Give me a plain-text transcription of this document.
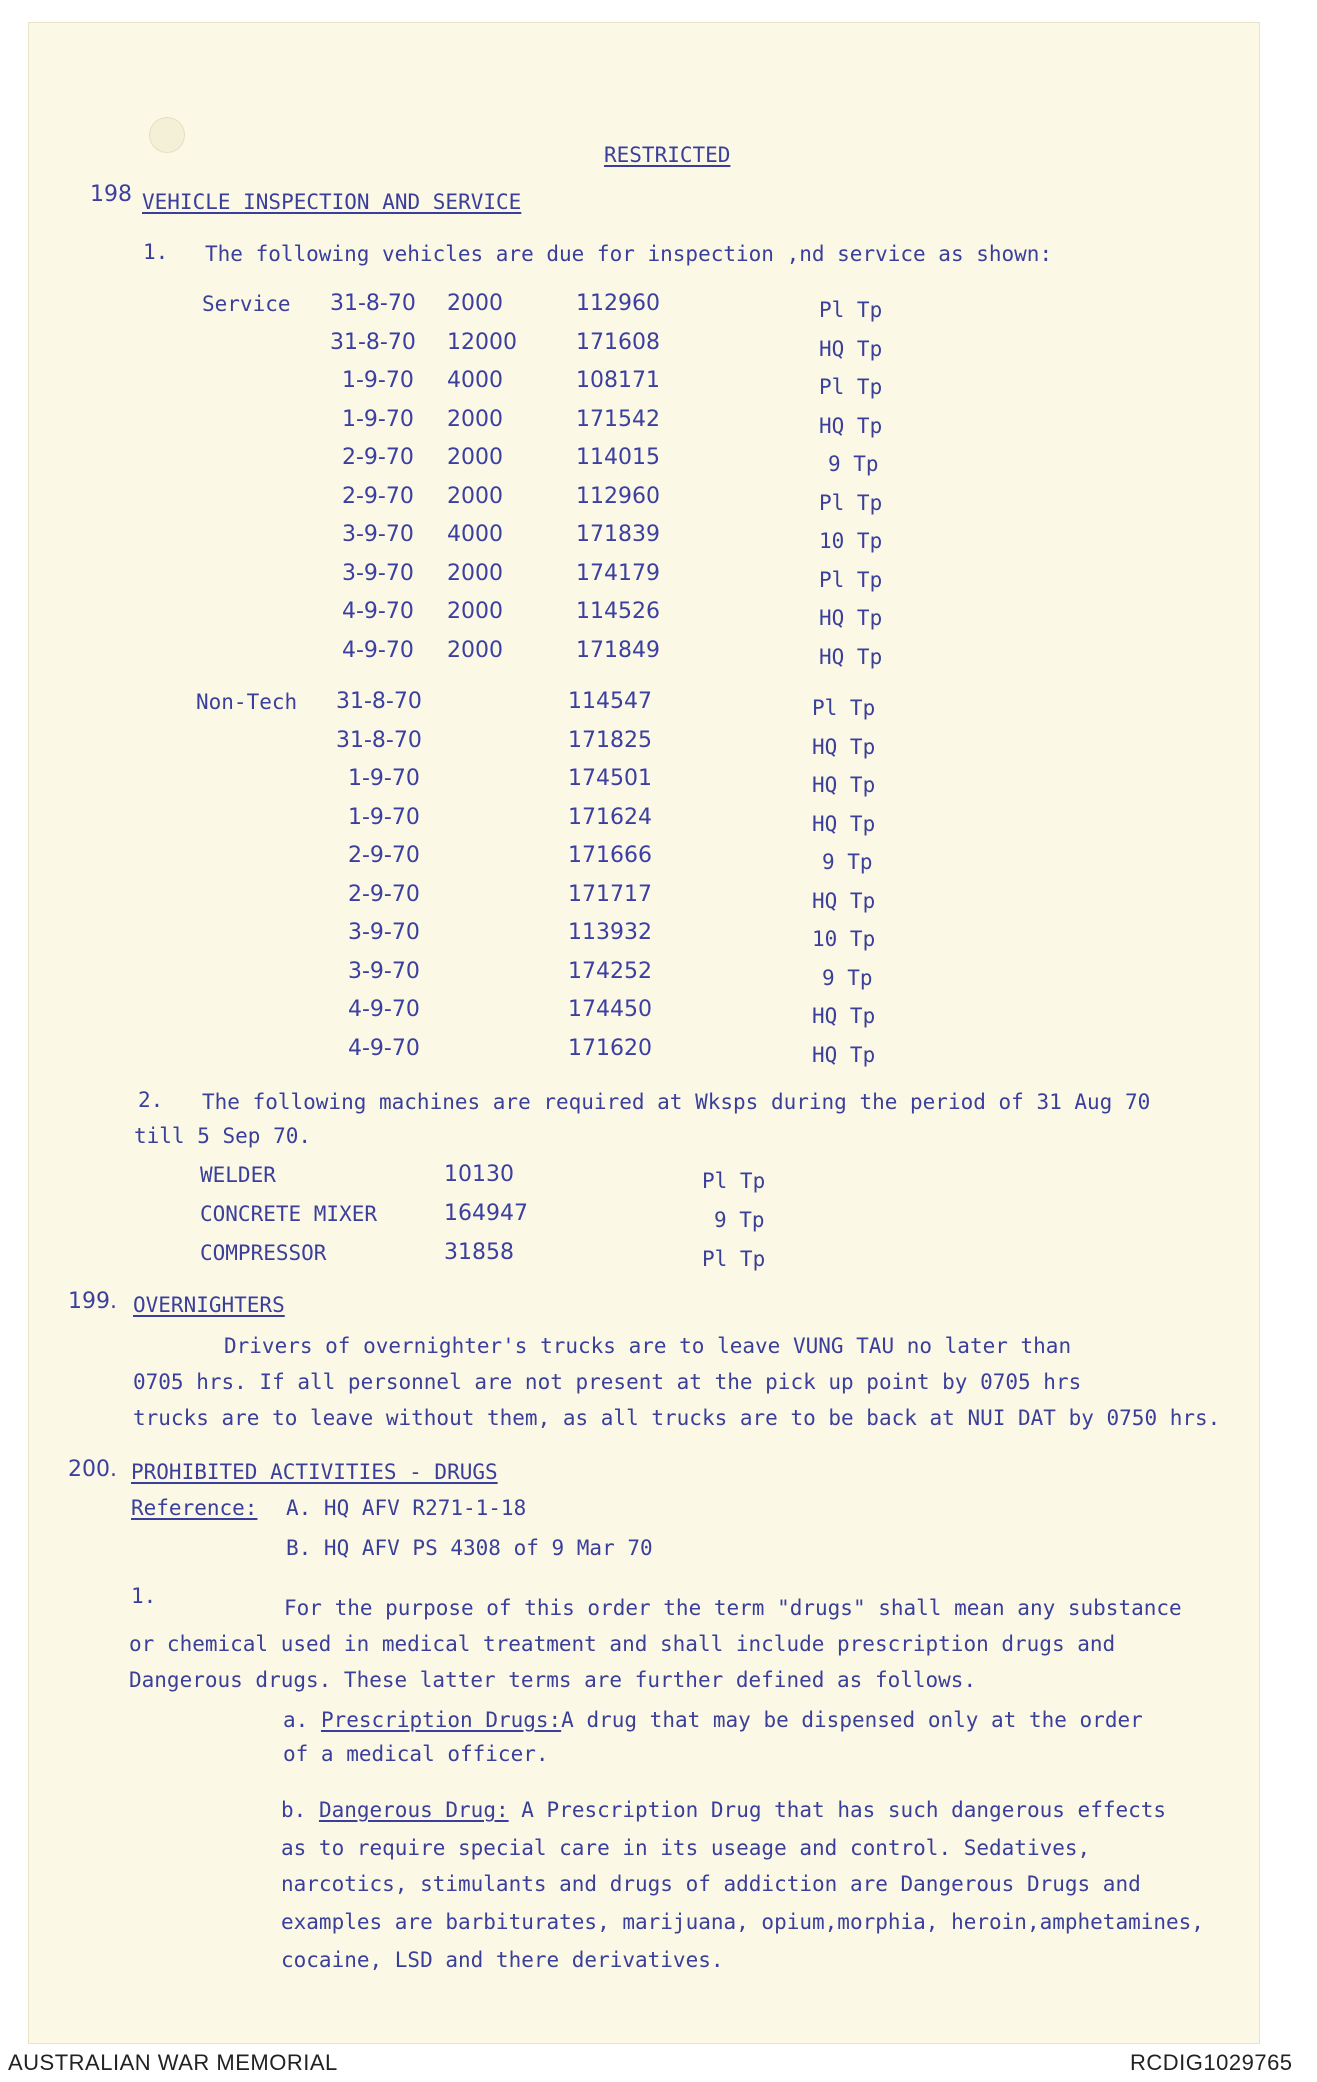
RESTRICTED
198 VEHICLE INSPECTION AND SERVICE
1. The following vehicles are due for inspection ,nd service as shown:
Service 31-8-70 2000	112960	Pl Tp
31-8-70 12000	171608	HQ Tp
1-9-70 4000	108171	Pl Tp
1-9-70 2000	171542	HQ Tp
2-9-70 2000	114015	9 Tp
2-9-70 2000	112960	Pl Tp
3-9-70 4000	171839	10 Tp
3-9-70 2000	174179	Pl Tp
4-9-70 2000	114526	HQ Tp
4-9-70 2000	171849	HQ Tp
Non-Tech 31-8-70	114547	Pl Tp
31-8-70	171825	HQ Tp
1-9-70	174501	HQ Tp
1-9-70	171624	HQ Tp
2-9-70	171666	9 Tp
2-9-70	171717	HQ Tp
3-9-70	113932	10 Tp
3-9-70	174252	9 Tp
4-9-70	174450	HQ Tp
4-9-70	171620	HQ Tp
2. The following machines are required at Wksps during the period of 31 Aug 70
till 5 Sep 70.
WELDER	10130	Pl Tp
CONCRETE MIXER	164947	9 Tp
COMPRESSOR	31858	Pl Tp
199. OVERNIGHTERS
Drivers of overnighter's trucks are to leave VUNG TAU no later than
0705 hrs. If all personnel are not present at the pick up point by 0705 hrs
trucks are to leave without them, as all trucks are to be back at NUI DAT by 0750 hrs.
200. PROHIBITED ACTIVITIES - DRUGS
Reference: A. HQ AFV R271-1-18
B. HQ AFV PS 4308 of 9 Mar 70
1.	For the purpose of this order the term "drugs" shall mean any substance
or chemical used in medical treatment and shall include prescription drugs and
Dangerous drugs. These latter terms are further defined as follows.
a. Prescription Drugs:A drug that may be dispensed only at the order
of a medical officer.
b. Dangerous Drug: A Prescription Drug that has such dangerous effects
as to require special care in its useage and control. Sedatives,
narcotics, stimulants and drugs of addiction are Dangerous Drugs and
examples are barbiturates, marijuana, opium,morphia, heroin,amphetamines,
cocaine, LSD and there derivatives.
AUSTRALIAN WAR MEMORIAL	RCDIG1029765
